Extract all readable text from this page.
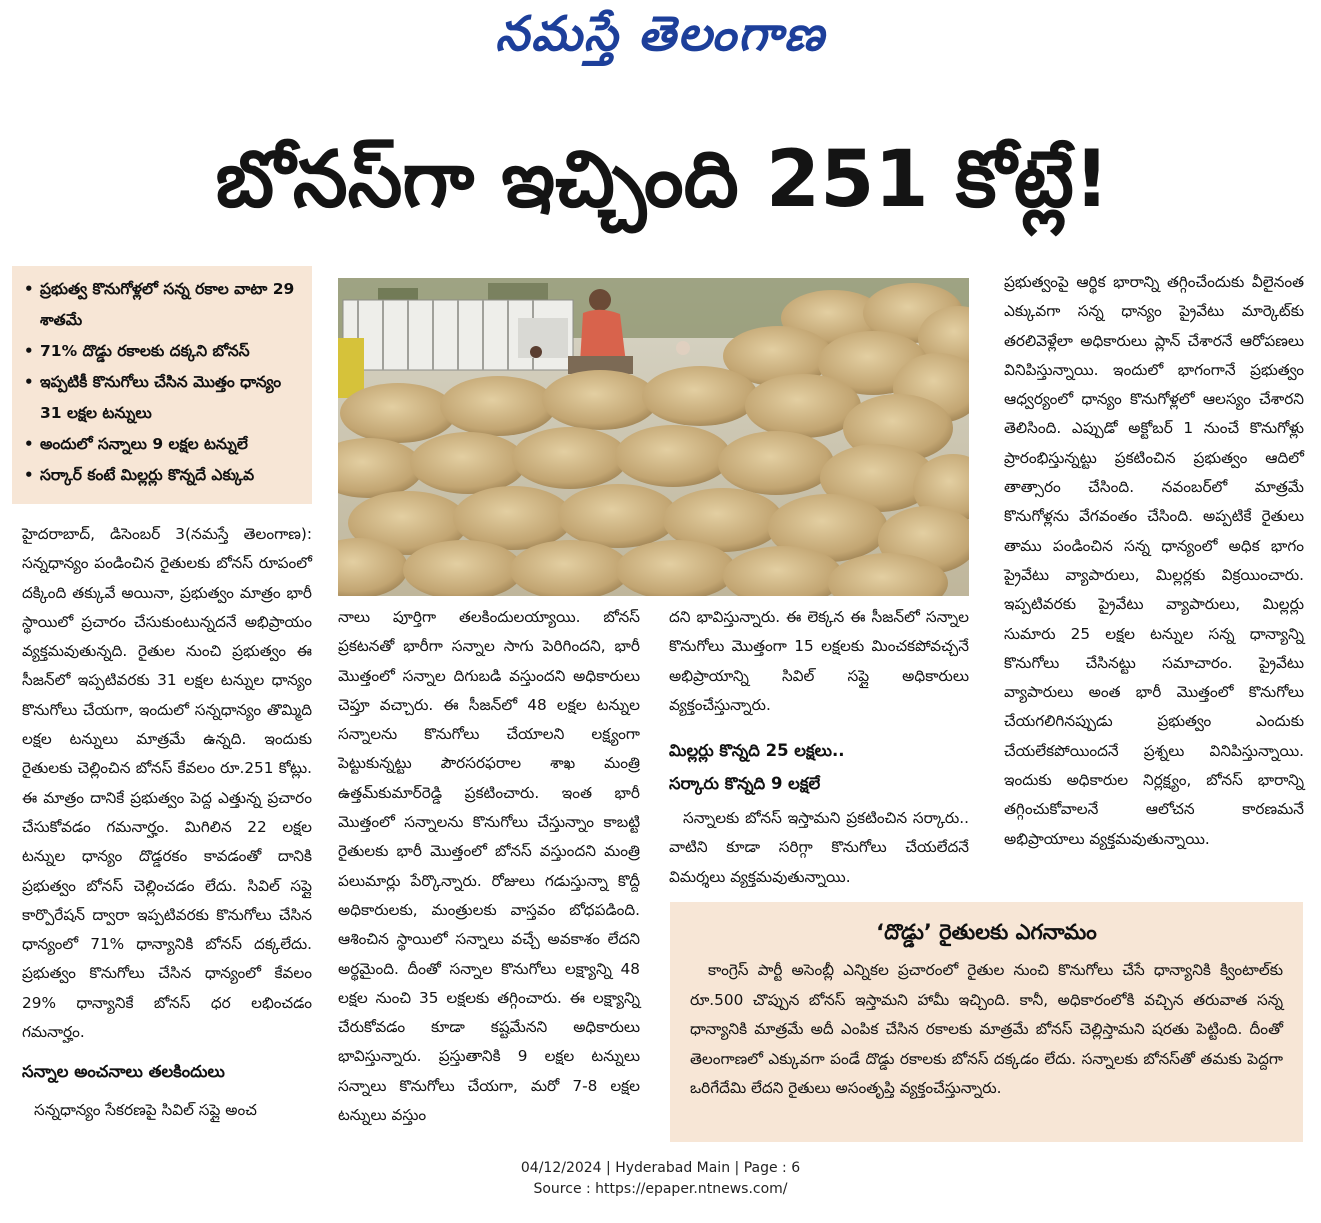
నమస్తే తెలంగాణ
బోనస్‌గా ఇచ్చింది 251 కోట్లే!
• ప్రభుత్వ కొనుగోళ్లలో సన్న రకాల వాటా 29 శాతమే
• 71% దొడ్డు రకాలకు దక్కని బోనస్‌
• ఇప్పటికీ కొనుగోలు చేసిన మొత్తం ధాన్యం 31 లక్షల టన్నులు
• అందులో సన్నాలు 9 లక్షల టన్నులే
• సర్కార్‌ కంటే మిల్లర్లు కొన్నదే ఎక్కువ

హైదరాబాద్‌, డిసెంబర్‌ 3(నమస్తే తెలంగాణ): సన్నధాన్యం పండించిన రైతులకు బోనస్‌ రూపంలో దక్కింది తక్కువే అయినా, ప్రభుత్వం మాత్రం భారీ స్థాయిలో ప్రచారం చేసుకుంటున్నదనే అభిప్రాయం వ్యక్తమవుతున్నది. రైతుల నుంచి ప్రభుత్వం ఈ సీజన్‌లో ఇప్పటివరకు 31 లక్షల టన్నుల ధాన్యం కొనుగోలు చేయగా, ఇందులో సన్నధాన్యం తొమ్మిది లక్షల టన్నులు మాత్రమే ఉన్నది. ఇందుకు రైతులకు చెల్లించిన బోనస్‌ కేవలం రూ.251 కోట్లు. ఈ మాత్రం దానికే ప్రభుత్వం పెద్ద ఎత్తున్న ప్రచారం చేసుకోవడం గమనార్హం. మిగిలిన 22 లక్షల టన్నుల ధాన్యం దొడ్డరకం కావడంతో దానికి ప్రభుత్వం బోనస్‌ చెల్లించడం లేదు. సివిల్‌ సప్లై కార్పొరేషన్‌ ద్వారా ఇప్పటివరకు కొనుగోలు చేసిన ధాన్యంలో 71% ధాన్యానికి బోనస్‌ దక్కలేదు. ప్రభుత్వం కొనుగోలు చేసిన ధాన్యంలో కేవలం 29% ధాన్యానికే బోనస్‌ ధర లభించడం గమనార్హం.

సన్నాల అంచనాలు తలకిందులు

సన్నధాన్యం సేకరణపై సివిల్‌ సప్లై అంచ

నాలు పూర్తిగా తలకిందులయ్యాయి. బోనస్‌ ప్రకటనతో భారీగా సన్నాల సాగు పెరిగిందని, భారీ మొత్తంలో సన్నాల దిగుబడి వస్తుందని అధికారులు చెప్తూ వచ్చారు. ఈ సీజన్‌లో 48 లక్షల టన్నుల సన్నాలను కొనుగోలు చేయాలని లక్ష్యంగా పెట్టుకున్నట్టు పౌరసరఫరాల శాఖ మంత్రి ఉత్తమ్‌కుమార్‌రెడ్డి ప్రకటించారు. ఇంత భారీ మొత్తంలో సన్నాలను కొనుగోలు చేస్తున్నాం కాబట్టి రైతులకు భారీ మొత్తంలో బోనస్‌ వస్తుందని మంత్రి పలుమార్లు పేర్కొన్నారు. రోజులు గడుస్తున్నా కొద్దీ అధికారులకు, మంత్రులకు వాస్తవం బోధపడింది. ఆశించిన స్థాయిలో సన్నాలు వచ్చే అవకాశం లేదని అర్థమైంది. దీంతో సన్నాల కొనుగోలు లక్ష్యాన్ని 48 లక్షల నుంచి 35 లక్షలకు తగ్గించారు. ఈ లక్ష్యాన్ని చేరుకోవడం కూడా కష్టమేనని అధికారులు భావిస్తున్నారు. ప్రస్తుతానికి 9 లక్షల టన్నులు సన్నాలు కొనుగోలు చేయగా, మరో 7-8 లక్షల టన్నులు వస్తుం

దని భావిస్తున్నారు. ఈ లెక్కన ఈ సీజన్‌లో సన్నాల కొనుగోలు మొత్తంగా 15 లక్షలకు మించకపోవచ్చనే అభిప్రాయాన్ని సివిల్‌ సప్లై అధికారులు వ్యక్తంచేస్తున్నారు.

మిల్లర్లు కొన్నది 25 లక్షలు..

సర్కారు కొన్నది 9 లక్షలే

సన్నాలకు బోనస్‌ ఇస్తామని ప్రకటించిన సర్కారు.. వాటిని కూడా సరిగ్గా కొనుగోలు చేయలేదనే విమర్శలు వ్యక్తమవుతున్నాయి.

ప్రభుత్వంపై ఆర్థిక భారాన్ని తగ్గించేందుకు వీలైనంత ఎక్కువగా సన్న ధాన్యం ప్రైవేటు మార్కెట్‌కు తరలివెళ్లేలా అధికారులు ప్లాన్‌ చేశారనే ఆరోపణలు వినిపిస్తున్నాయి. ఇందులో భాగంగానే ప్రభుత్వం ఆధ్వర్యంలో ధాన్యం కొనుగోళ్లలో ఆలస్యం చేశారని తెలిసింది. ఎప్పుడో అక్టోబర్‌ 1 నుంచే కొనుగోళ్లు ప్రారంభిస్తున్నట్టు ప్రకటించిన ప్రభుత్వం ఆదిలో తాత్సారం చేసింది. నవంబర్‌లో మాత్రమే కొనుగోళ్లను వేగవంతం చేసింది. అప్పటికే రైతులు తాము పండించిన సన్న ధాన్యంలో అధిక భాగం ప్రైవేటు వ్యాపారులు, మిల్లర్లకు విక్రయించారు. ఇప్పటివరకు ప్రైవేటు వ్యాపారులు, మిల్లర్లు సుమారు 25 లక్షల టన్నుల సన్న ధాన్యాన్ని కొనుగోలు చేసినట్టు సమాచారం. ప్రైవేటు వ్యాపారులు అంత భారీ మొత్తంలో కొనుగోలు చేయగలిగినప్పుడు ప్రభుత్వం ఎందుకు చేయలేకపోయిందనే ప్రశ్నలు వినిపిస్తున్నాయి. ఇందుకు అధికారుల నిర్లక్ష్యం, బోనస్‌ భారాన్ని తగ్గించుకోవాలనే ఆలోచన కారణమనే అభిప్రాయాలు వ్యక్తమవుతున్నాయి.

‘దొడ్డు’ రైతులకు ఎగనామం
కాంగ్రెస్‌ పార్టీ అసెంబ్లీ ఎన్నికల ప్రచారంలో రైతుల నుంచి కొనుగోలు చేసే ధాన్యానికి క్వింటాల్‌కు రూ.500 చొప్పున బోనస్‌ ఇస్తామని హామీ ఇచ్చింది. కానీ, అధికారంలోకి వచ్చిన తరువాత సన్న ధాన్యానికి మాత్రమే అదీ ఎంపిక చేసిన రకాలకు మాత్రమే బోనస్‌ చెల్లిస్తామని షరతు పెట్టింది. దీంతో తెలంగాణలో ఎక్కువగా పండే దొడ్డు రకాలకు బోనస్‌ దక్కడం లేదు. సన్నాలకు బోనస్‌తో తమకు పెద్దగా ఒరిగేదేమి లేదని రైతులు అసంతృప్తి వ్యక్తంచేస్తున్నారు.
04/12/2024 | Hyderabad Main | Page : 6
Source : https://epaper.ntnews.com/
